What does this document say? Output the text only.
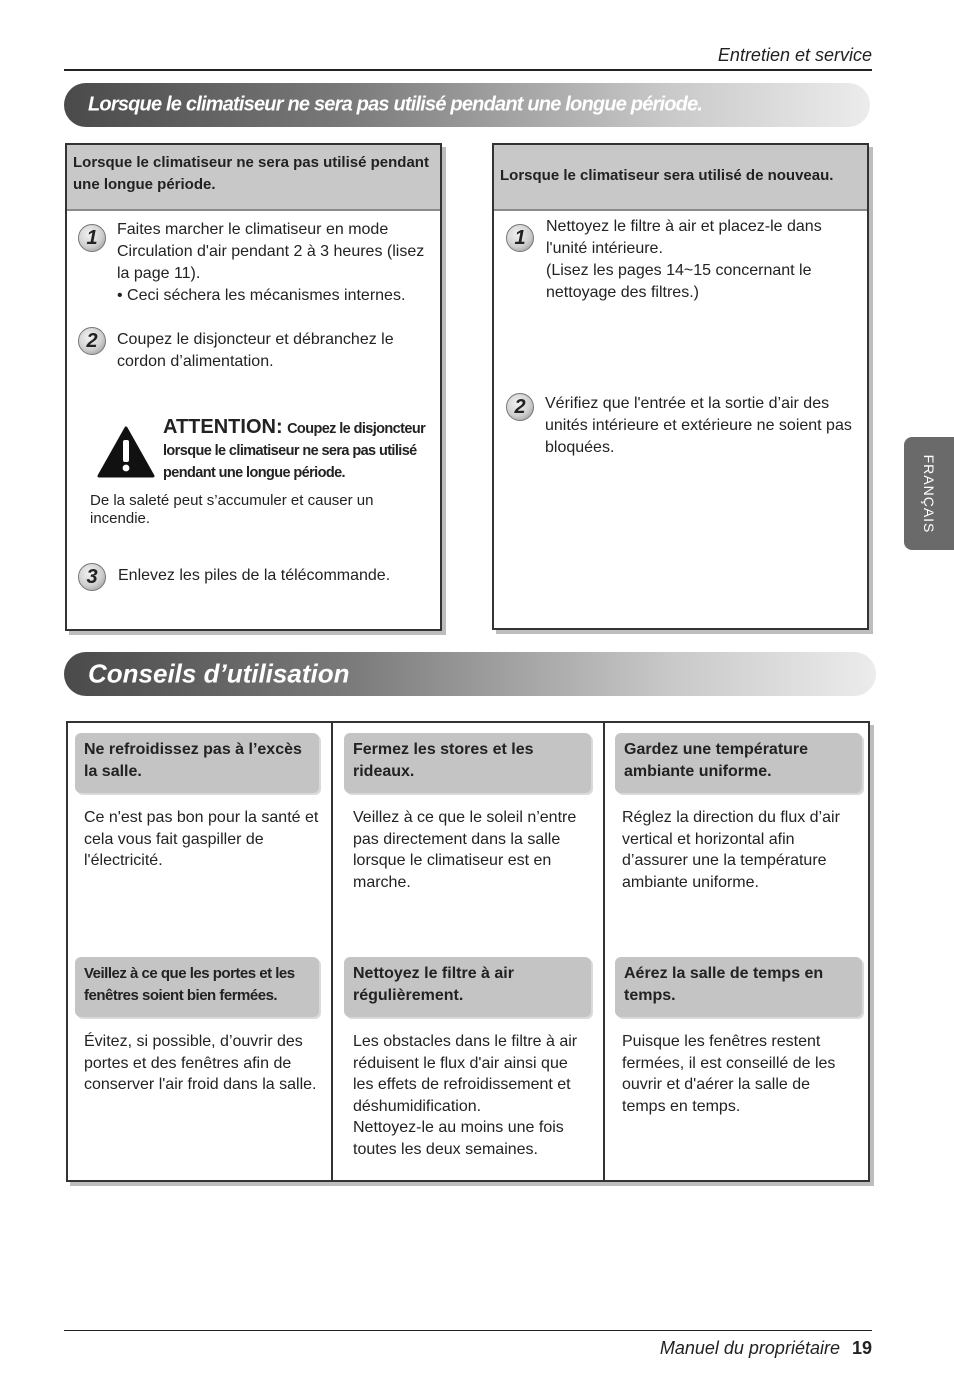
Entretien et service
Lorsque le climatiseur ne sera pas utilisé pendant une longue période.
Lorsque le climatiseur ne sera pas utilisé pendant une longue période.
1	Faites marcher le climatiseur en mode Circulation d'air pendant 2 à 3 heures (lisez la page 11).
• Ceci séchera les mécanismes internes.
2	Coupez le disjoncteur et débranchez le cordon d’alimentation.
ATTENTION: Coupez le disjoncteur lorsque le climatiseur ne sera pas utilisé pendant une longue période.
De la saleté peut s’accumuler et causer un incendie.
3	Enlevez les piles de la télécommande.
Lorsque le climatiseur sera utilisé de nouveau.
1
Nettoyez le filtre à air et placez-le dans l'unité intérieure.
(Lisez les pages 14~15 concernant le nettoyage des filtres.)
2	Vérifiez que l'entrée et la sortie d’air des unités intérieure et extérieure ne soient pas bloquées.
FRANÇAIS
Conseils d’utilisation
Ne refroidissez pas à l’excès la salle.
Ce n'est pas bon pour la santé et cela vous fait gaspiller de l'électricité.
Fermez les stores et les rideaux.
Veillez à ce que le soleil n’entre pas directement dans la salle lorsque le climatiseur est en marche.
Gardez une température ambiante uniforme.
Réglez la direction du flux d’air vertical et horizontal afin d’assurer une la température ambiante uniforme.
Veillez à ce que les portes et les fenêtres soient bien fermées.
Évitez, si possible, d’ouvrir des portes et des fenêtres afin de conserver l'air froid dans la salle.
Nettoyez le filtre à air régulièrement.
Les obstacles dans le filtre à air réduisent le flux d'air ainsi que les effets de refroidissement et déshumidification.
Nettoyez-le au moins une fois toutes les deux semaines.
Aérez la salle de temps en temps.
Puisque les fenêtres restent fermées, il est conseillé de les ouvrir et d'aérer la salle de temps en temps.
Manuel du propriétaire 19
